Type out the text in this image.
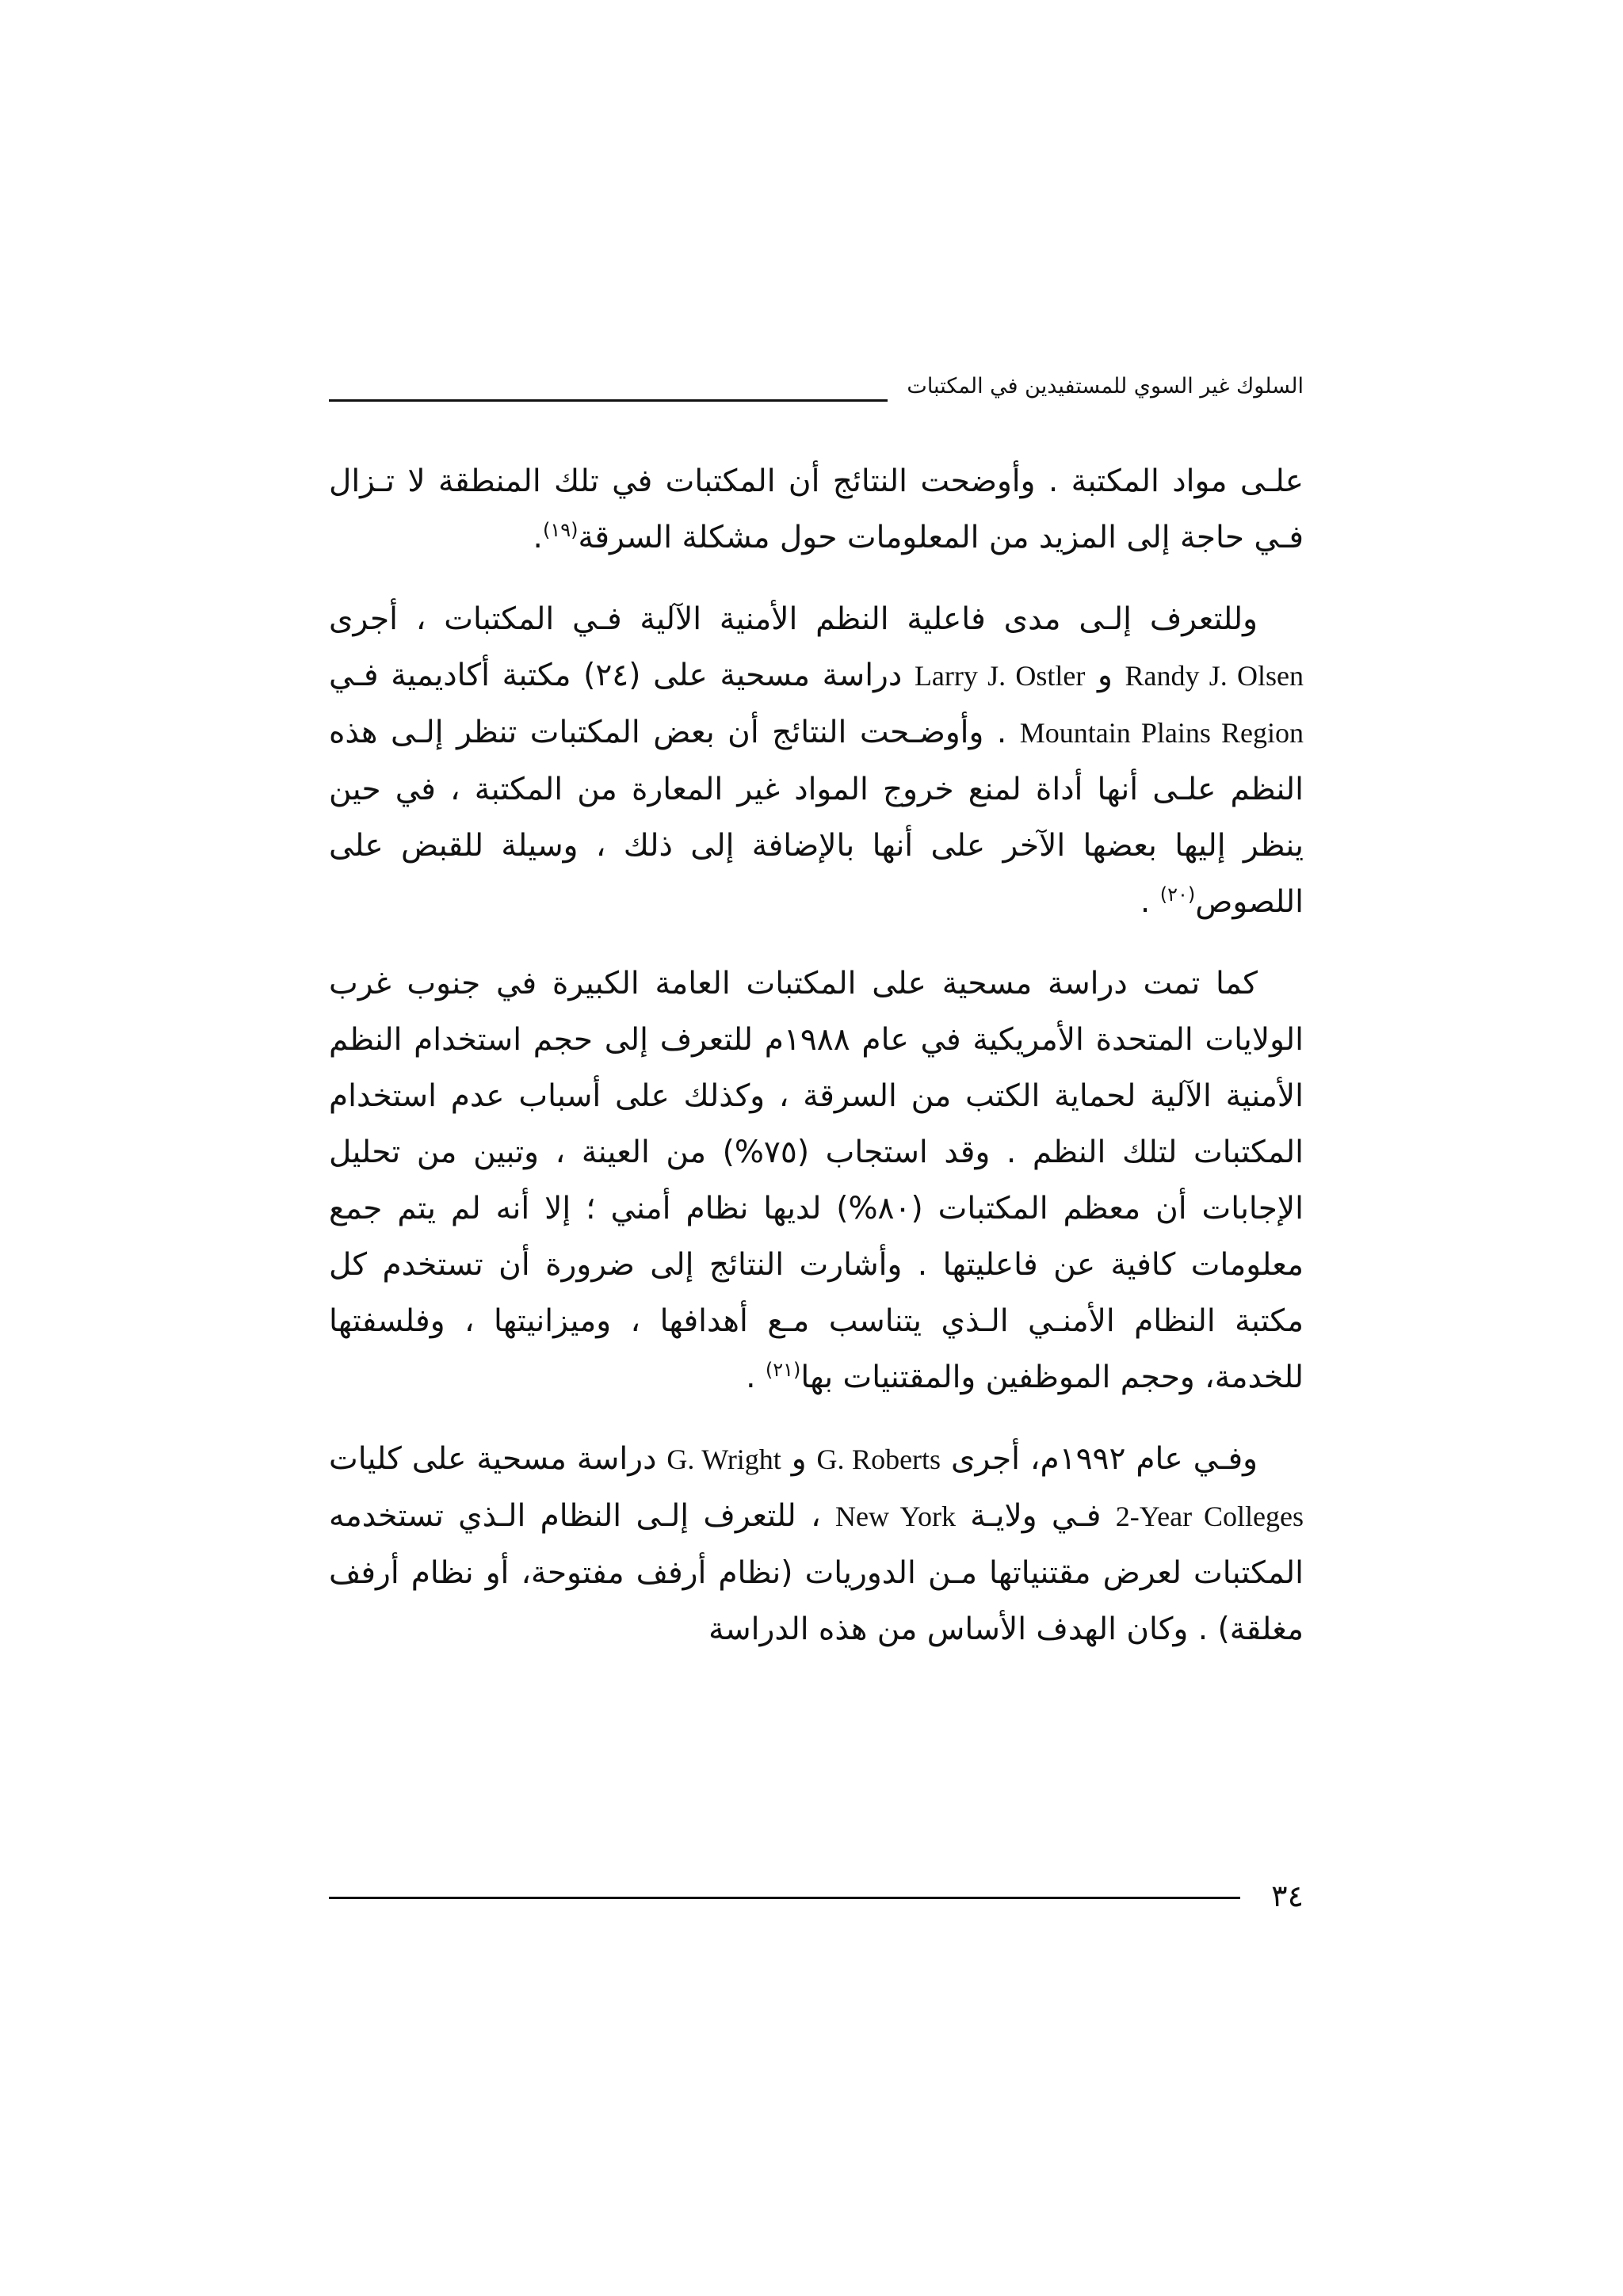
السلوك غير السوي للمستفيدين في المكتبات

علـى مواد المكتبة . وأوضحت النتائج أن المكتبات في تلك المنطقة لا تـزال فـي حاجة إلى المزيد من المعلومات حول مشكلة السرقة$^{(١٩)}$.

وللتعرف إلـى مدى فاعلية النظم الأمنية الآلية فـي المكتبات ، أجرى Randy J. Olsen و Larry J. Ostler دراسة مسحية على (٢٤) مكتبة أكاديمية فـي Mountain Plains Region . وأوضـحت النتائج أن بعض المكتبات تنظر إلـى هذه النظم علـى أنها أداة لمنع خروج المواد غير المعارة من المكتبة ، في حين ينظر إليها بعضها الآخر على أنها بالإضافة إلى ذلك ، وسيلة للقبض على اللصوص$^{(٢٠)}$ .

كما تمت دراسة مسحية على المكتبات العامة الكبيرة في جنوب غرب الولايات المتحدة الأمريكية في عام ١٩٨٨م للتعرف إلى حجم استخدام النظم الأمنية الآلية لحماية الكتب من السرقة ، وكذلك على أسباب عدم استخدام المكتبات لتلك النظم . وقد استجاب (٧٥%) من العينة ، وتبين من تحليل الإجابات أن معظم المكتبات (٨٠%) لديها نظام أمني ؛ إلا أنه لم يتم جمع معلومات كافية عن فاعليتها . وأشارت النتائج إلى ضرورة أن تستخدم كل مكتبة النظام الأمنـي الـذي يتناسب مـع أهدافها ، وميزانيتها ، وفلسفتها للخدمة، وحجم الموظفين والمقتنيات بها$^{(٢١)}$ .

وفـي عام ١٩٩٢م، أجرى G. Roberts و G. Wright دراسة مسحية على كليات 2-Year Colleges فـي ولايـة New York ، للتعرف إلـى النظام الـذي تستخدمه المكتبات لعرض مقتنياتها مـن الدوريات (نظام أرفف مفتوحة، أو نظام أرفف مغلقة) . وكان الهدف الأساس من هذه الدراسة

٣٤
